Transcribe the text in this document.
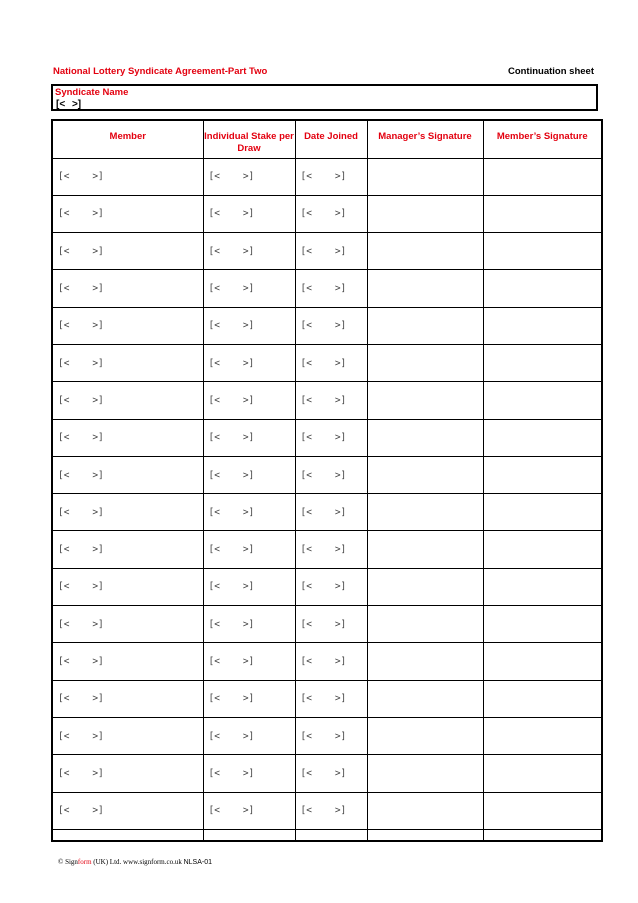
National Lottery Syndicate Agreement-Part Two	Continuation sheet
Syndicate Name
[< >]
Member	Individual Stake per Draw	Date Joined	Manager’s Signature	Member’s Signature
[<    >]	[<    >]	[<    >]		
[<    >]	[<    >]	[<    >]		
[<    >]	[<    >]	[<    >]		
[<    >]	[<    >]	[<    >]		
[<    >]	[<    >]	[<    >]		
[<    >]	[<    >]	[<    >]		
[<    >]	[<    >]	[<    >]		
[<    >]	[<    >]	[<    >]		
[<    >]	[<    >]	[<    >]		
[<    >]	[<    >]	[<    >]		
[<    >]	[<    >]	[<    >]		
[<    >]	[<    >]	[<    >]		
[<    >]	[<    >]	[<    >]		
[<    >]	[<    >]	[<    >]		
[<    >]	[<    >]	[<    >]		
[<    >]	[<    >]	[<    >]		
[<    >]	[<    >]	[<    >]		
[<    >]	[<    >]	[<    >]		

© Signform (UK) Ltd. www.signform.co.uk NLSA-01
